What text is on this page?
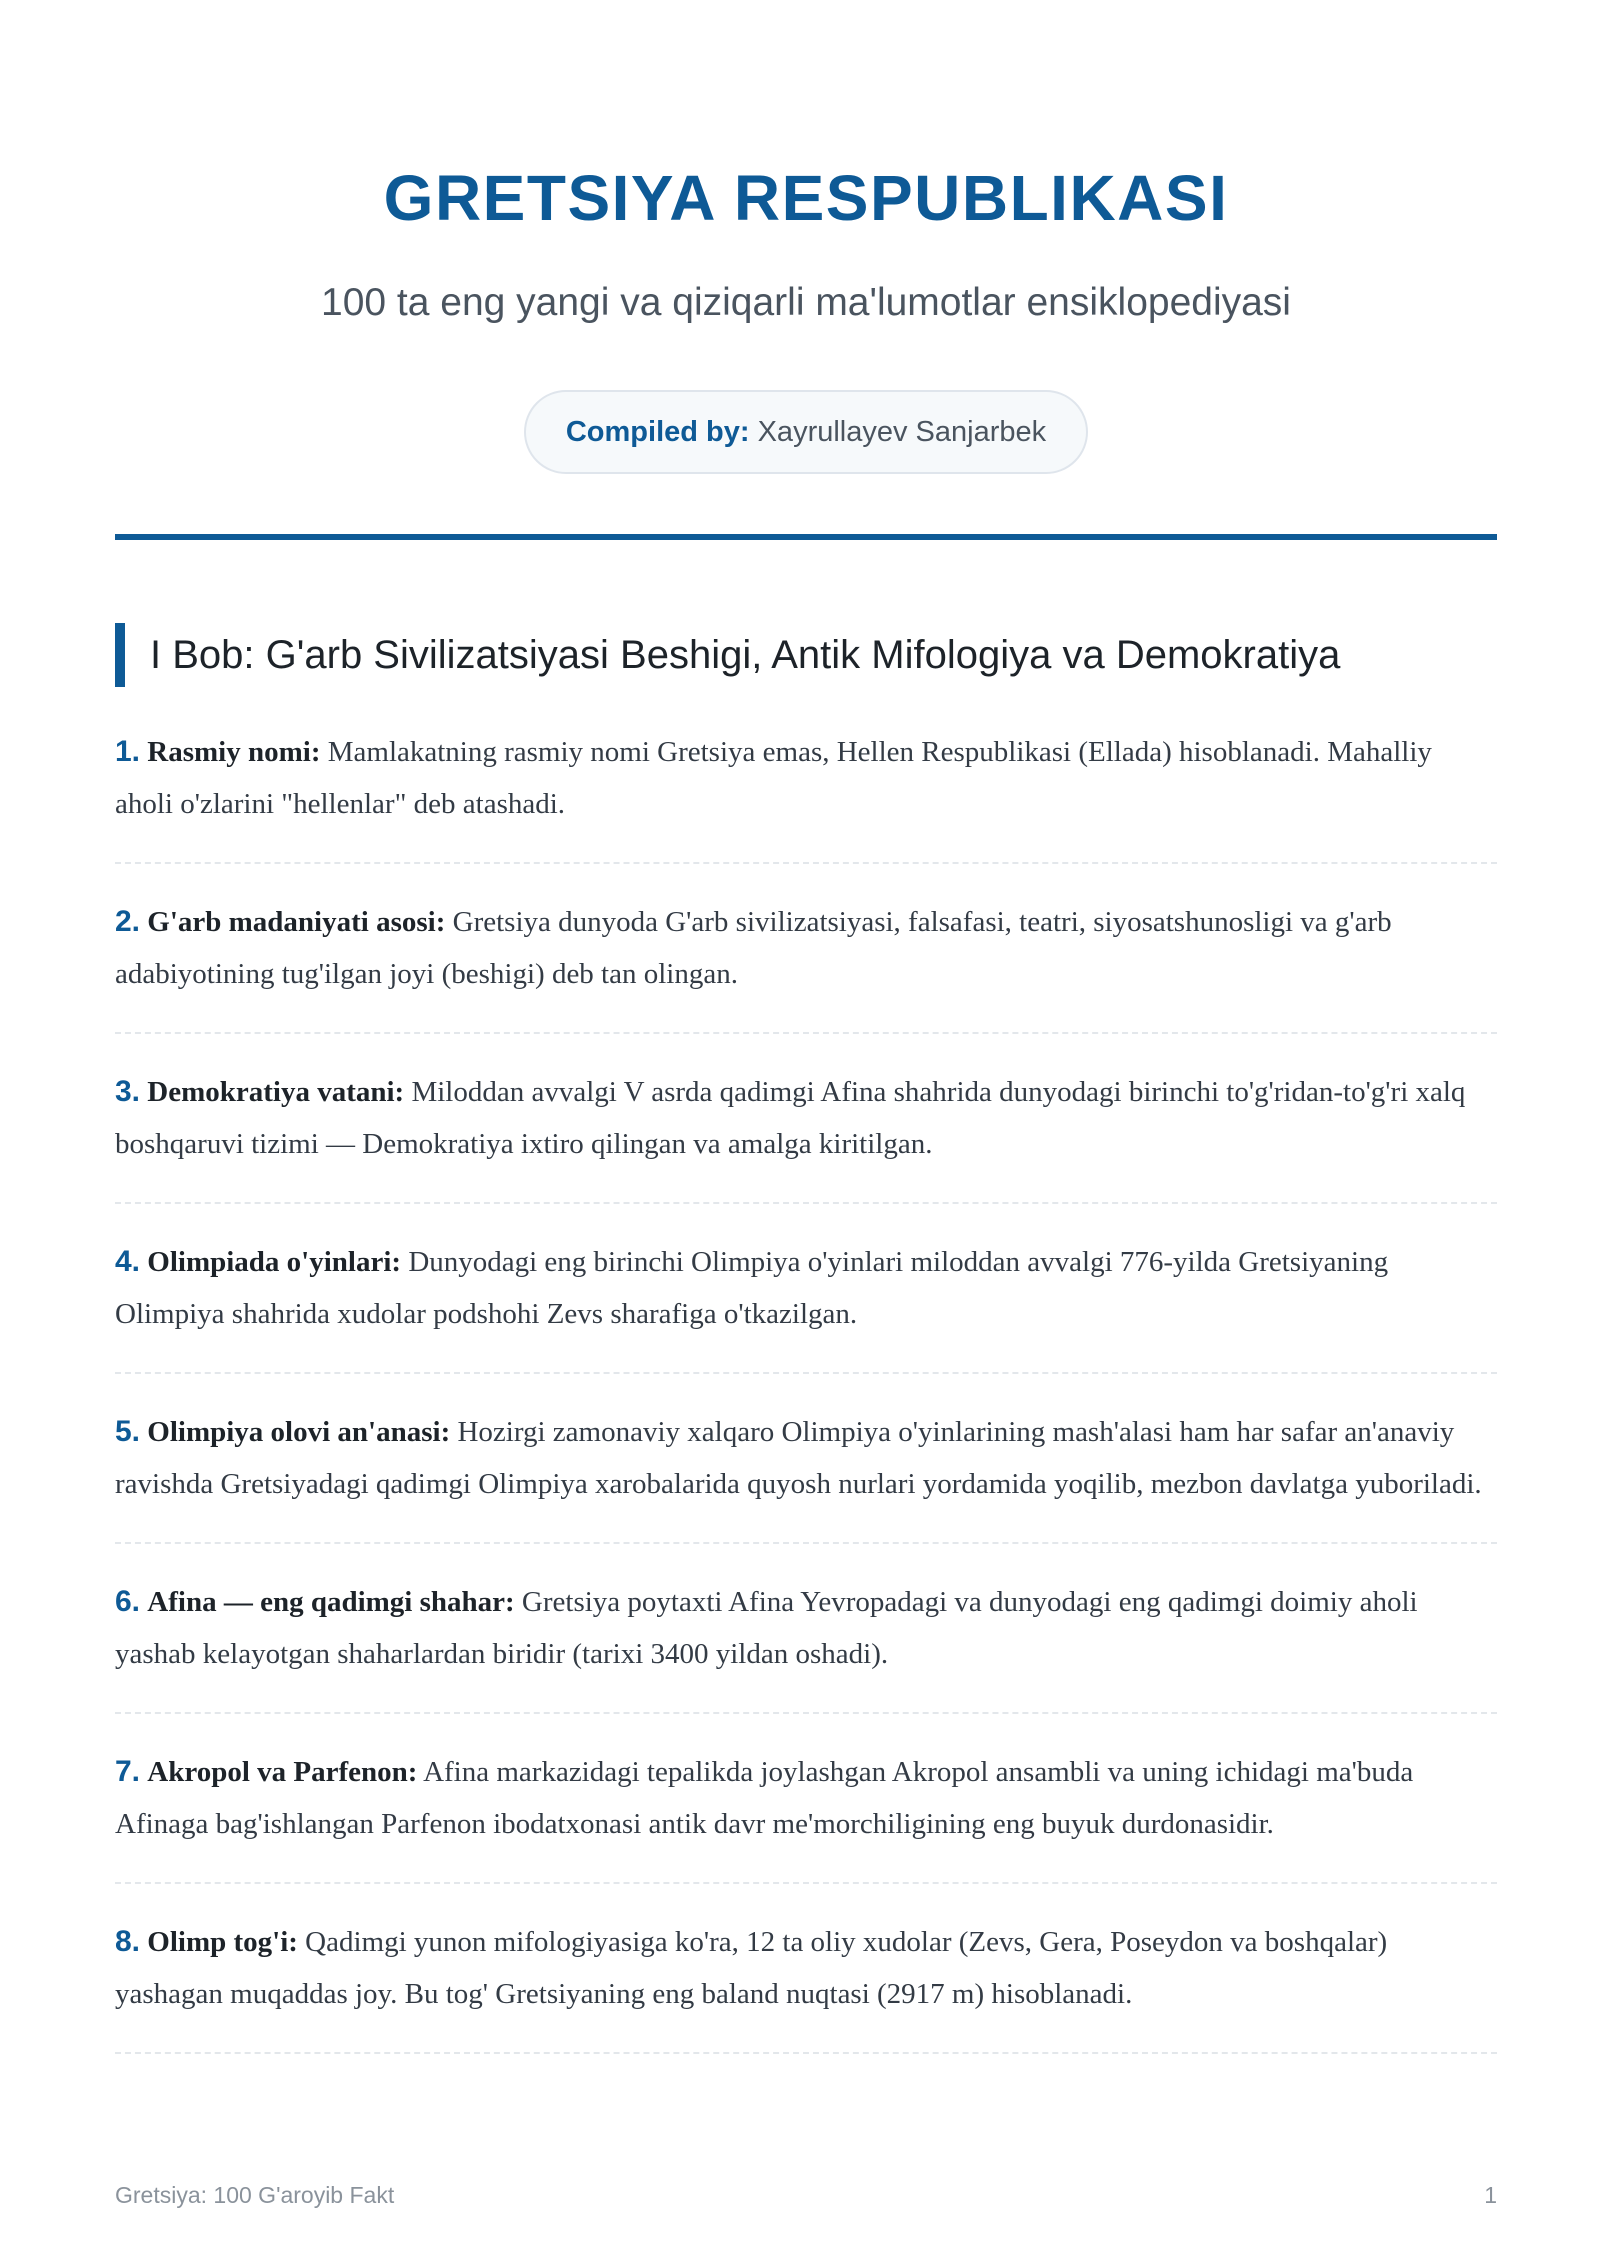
GRETSIYA RESPUBLIKASI
100 ta eng yangi va qiziqarli ma'lumotlar ensiklopediyasi
Compiled by: Xayrullayev Sanjarbek
I Bob: G'arb Sivilizatsiyasi Beshigi, Antik Mifologiya va Demokratiya
1. Rasmiy nomi: Mamlakatning rasmiy nomi Gretsiya emas, Hellen Respublikasi (Ellada) hisoblanadi. Mahalliy aholi o'zlarini "hellenlar" deb atashadi.
2. G'arb madaniyati asosi: Gretsiya dunyoda G'arb sivilizatsiyasi, falsafasi, teatri, siyosatshunosligi va g'arb adabiyotining tug'ilgan joyi (beshigi) deb tan olingan.
3. Demokratiya vatani: Miloddan avvalgi V asrda qadimgi Afina shahrida dunyodagi birinchi to'g'ridan-to'g'ri xalq boshqaruvi tizimi — Demokratiya ixtiro qilingan va amalga kiritilgan.
4. Olimpiada o'yinlari: Dunyodagi eng birinchi Olimpiya o'yinlari miloddan avvalgi 776-yilda Gretsiyaning Olimpiya shahrida xudolar podshohi Zevs sharafiga o'tkazilgan.
5. Olimpiya olovi an'anasi: Hozirgi zamonaviy xalqaro Olimpiya o'yinlarining mash'alasi ham har safar an'anaviy ravishda Gretsiyadagi qadimgi Olimpiya xarobalarida quyosh nurlari yordamida yoqilib, mezbon davlatga yuboriladi.
6. Afina — eng qadimgi shahar: Gretsiya poytaxti Afina Yevropadagi va dunyodagi eng qadimgi doimiy aholi yashab kelayotgan shaharlardan biridir (tarixi 3400 yildan oshadi).
7. Akropol va Parfenon: Afina markazidagi tepalikda joylashgan Akropol ansambli va uning ichidagi ma'buda Afinaga bag'ishlangan Parfenon ibodatxonasi antik davr me'morchiligining eng buyuk durdonasidir.
8. Olimp tog'i: Qadimgi yunon mifologiyasiga ko'ra, 12 ta oliy xudolar (Zevs, Gera, Poseydon va boshqalar) yashagan muqaddas joy. Bu tog' Gretsiyaning eng baland nuqtasi (2917 m) hisoblanadi.
Gretsiya: 100 G'aroyib Fakt	1
